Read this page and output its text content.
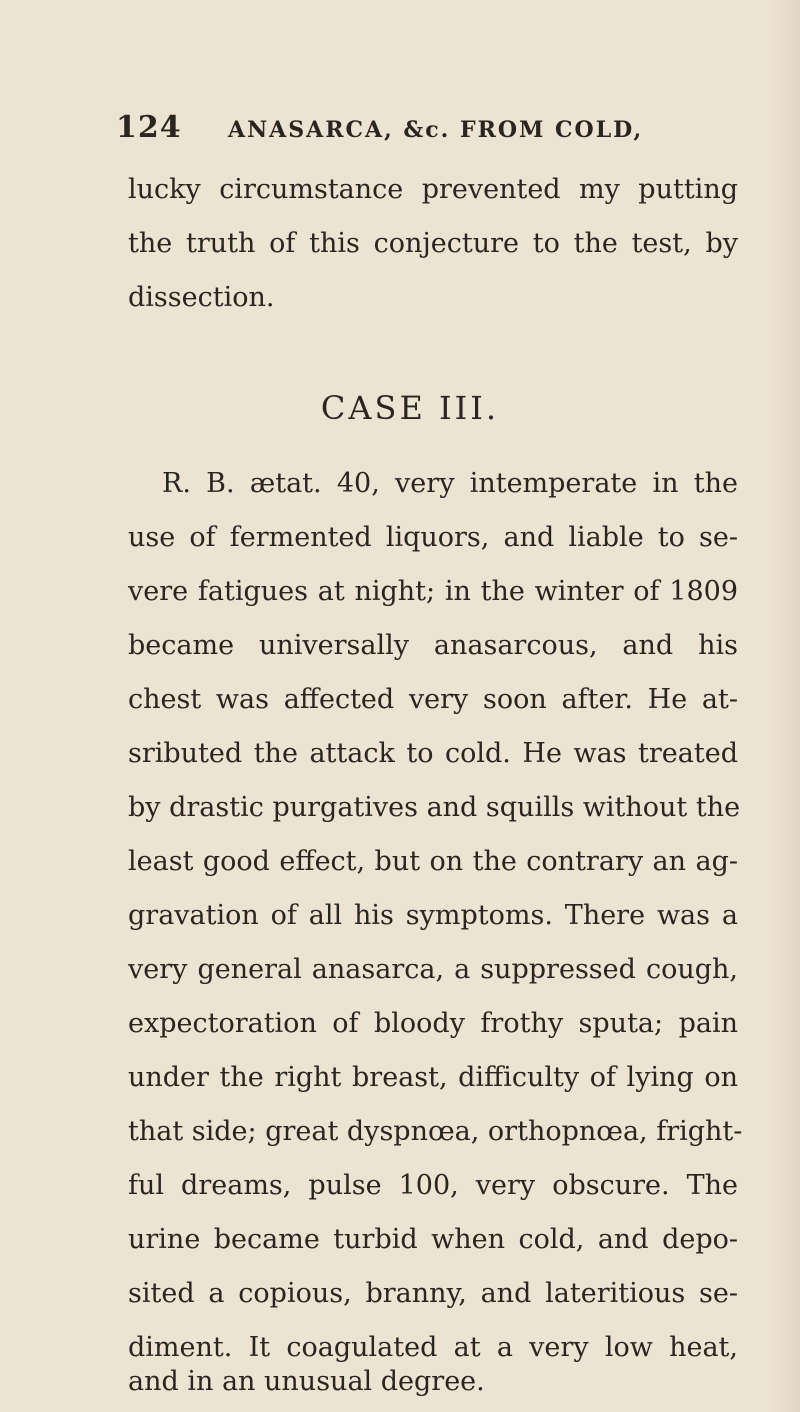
124 ANASARCA, &c. FROM COLD,
lucky circumstance prevented my putting
the truth of this conjecture to the test, by
dissection.
CASE III.
R. B. ætat. 40, very intemperate in the
use of fermented liquors, and liable to se-
vere fatigues at night; in the winter of 1809
became universally anasarcous, and his
chest was affected very soon after. He at-
sributed the attack to cold. He was treated
by drastic purgatives and squills without the
least good effect, but on the contrary an ag-
gravation of all his symptoms. There was a
very general anasarca, a suppressed cough,
expectoration of bloody frothy sputa; pain
under the right breast, difficulty of lying on
that side; great dyspnœa, orthopnœa, fright-
ful dreams, pulse 100, very obscure. The
urine became turbid when cold, and depo-
sited a copious, branny, and lateritious se-
diment. It coagulated at a very low heat,
and in an unusual degree.
